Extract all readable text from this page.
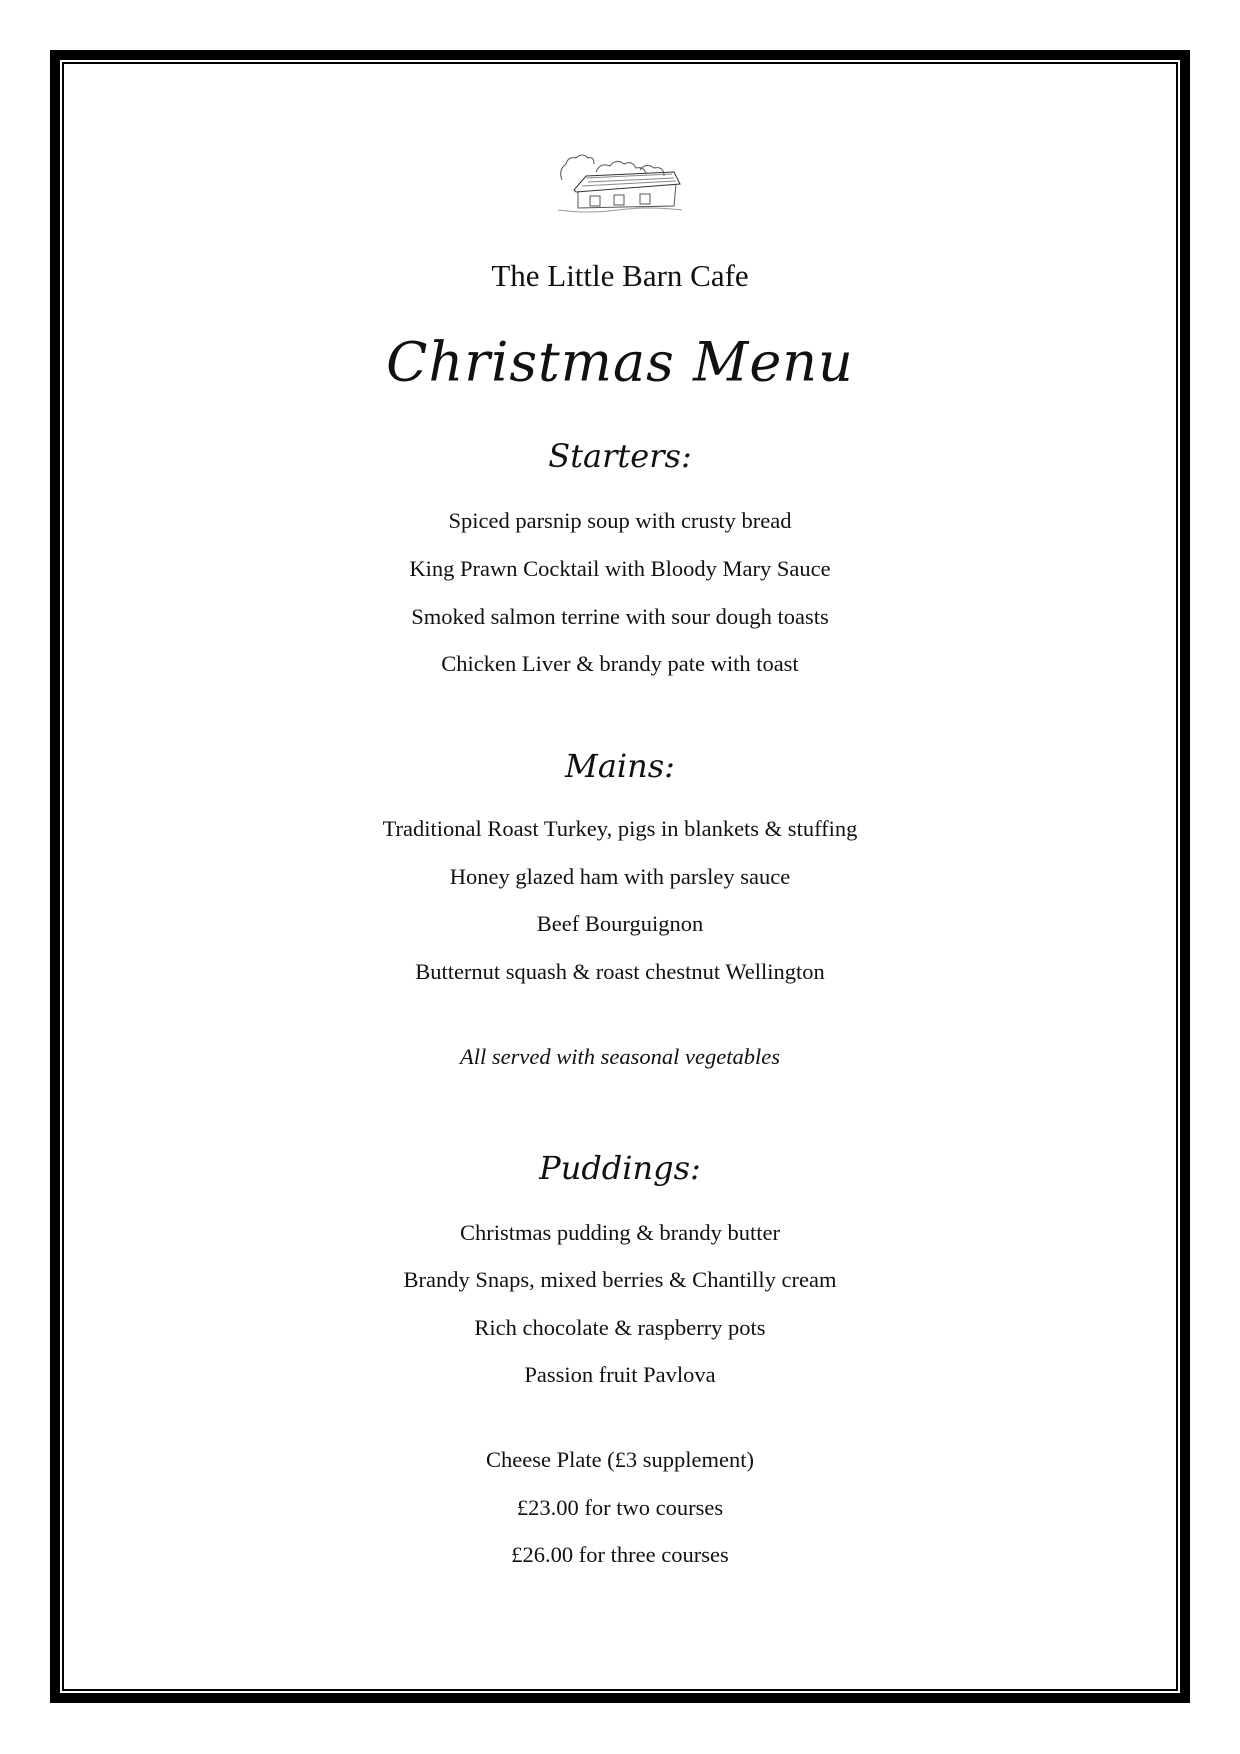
The Little Barn Cafe
Christmas Menu
Starters:
Spiced parsnip soup with crusty bread
King Prawn Cocktail with Bloody Mary Sauce
Smoked salmon terrine with sour dough toasts
Chicken Liver & brandy pate with toast
Mains:
Traditional Roast Turkey, pigs in blankets & stuffing
Honey glazed ham with parsley sauce
Beef Bourguignon
Butternut squash & roast chestnut Wellington
All served with seasonal vegetables
Puddings:
Christmas pudding & brandy butter
Brandy Snaps, mixed berries & Chantilly cream
Rich chocolate & raspberry pots
Passion fruit Pavlova
Cheese Plate (£3 supplement)
£23.00 for two courses
£26.00 for three courses
